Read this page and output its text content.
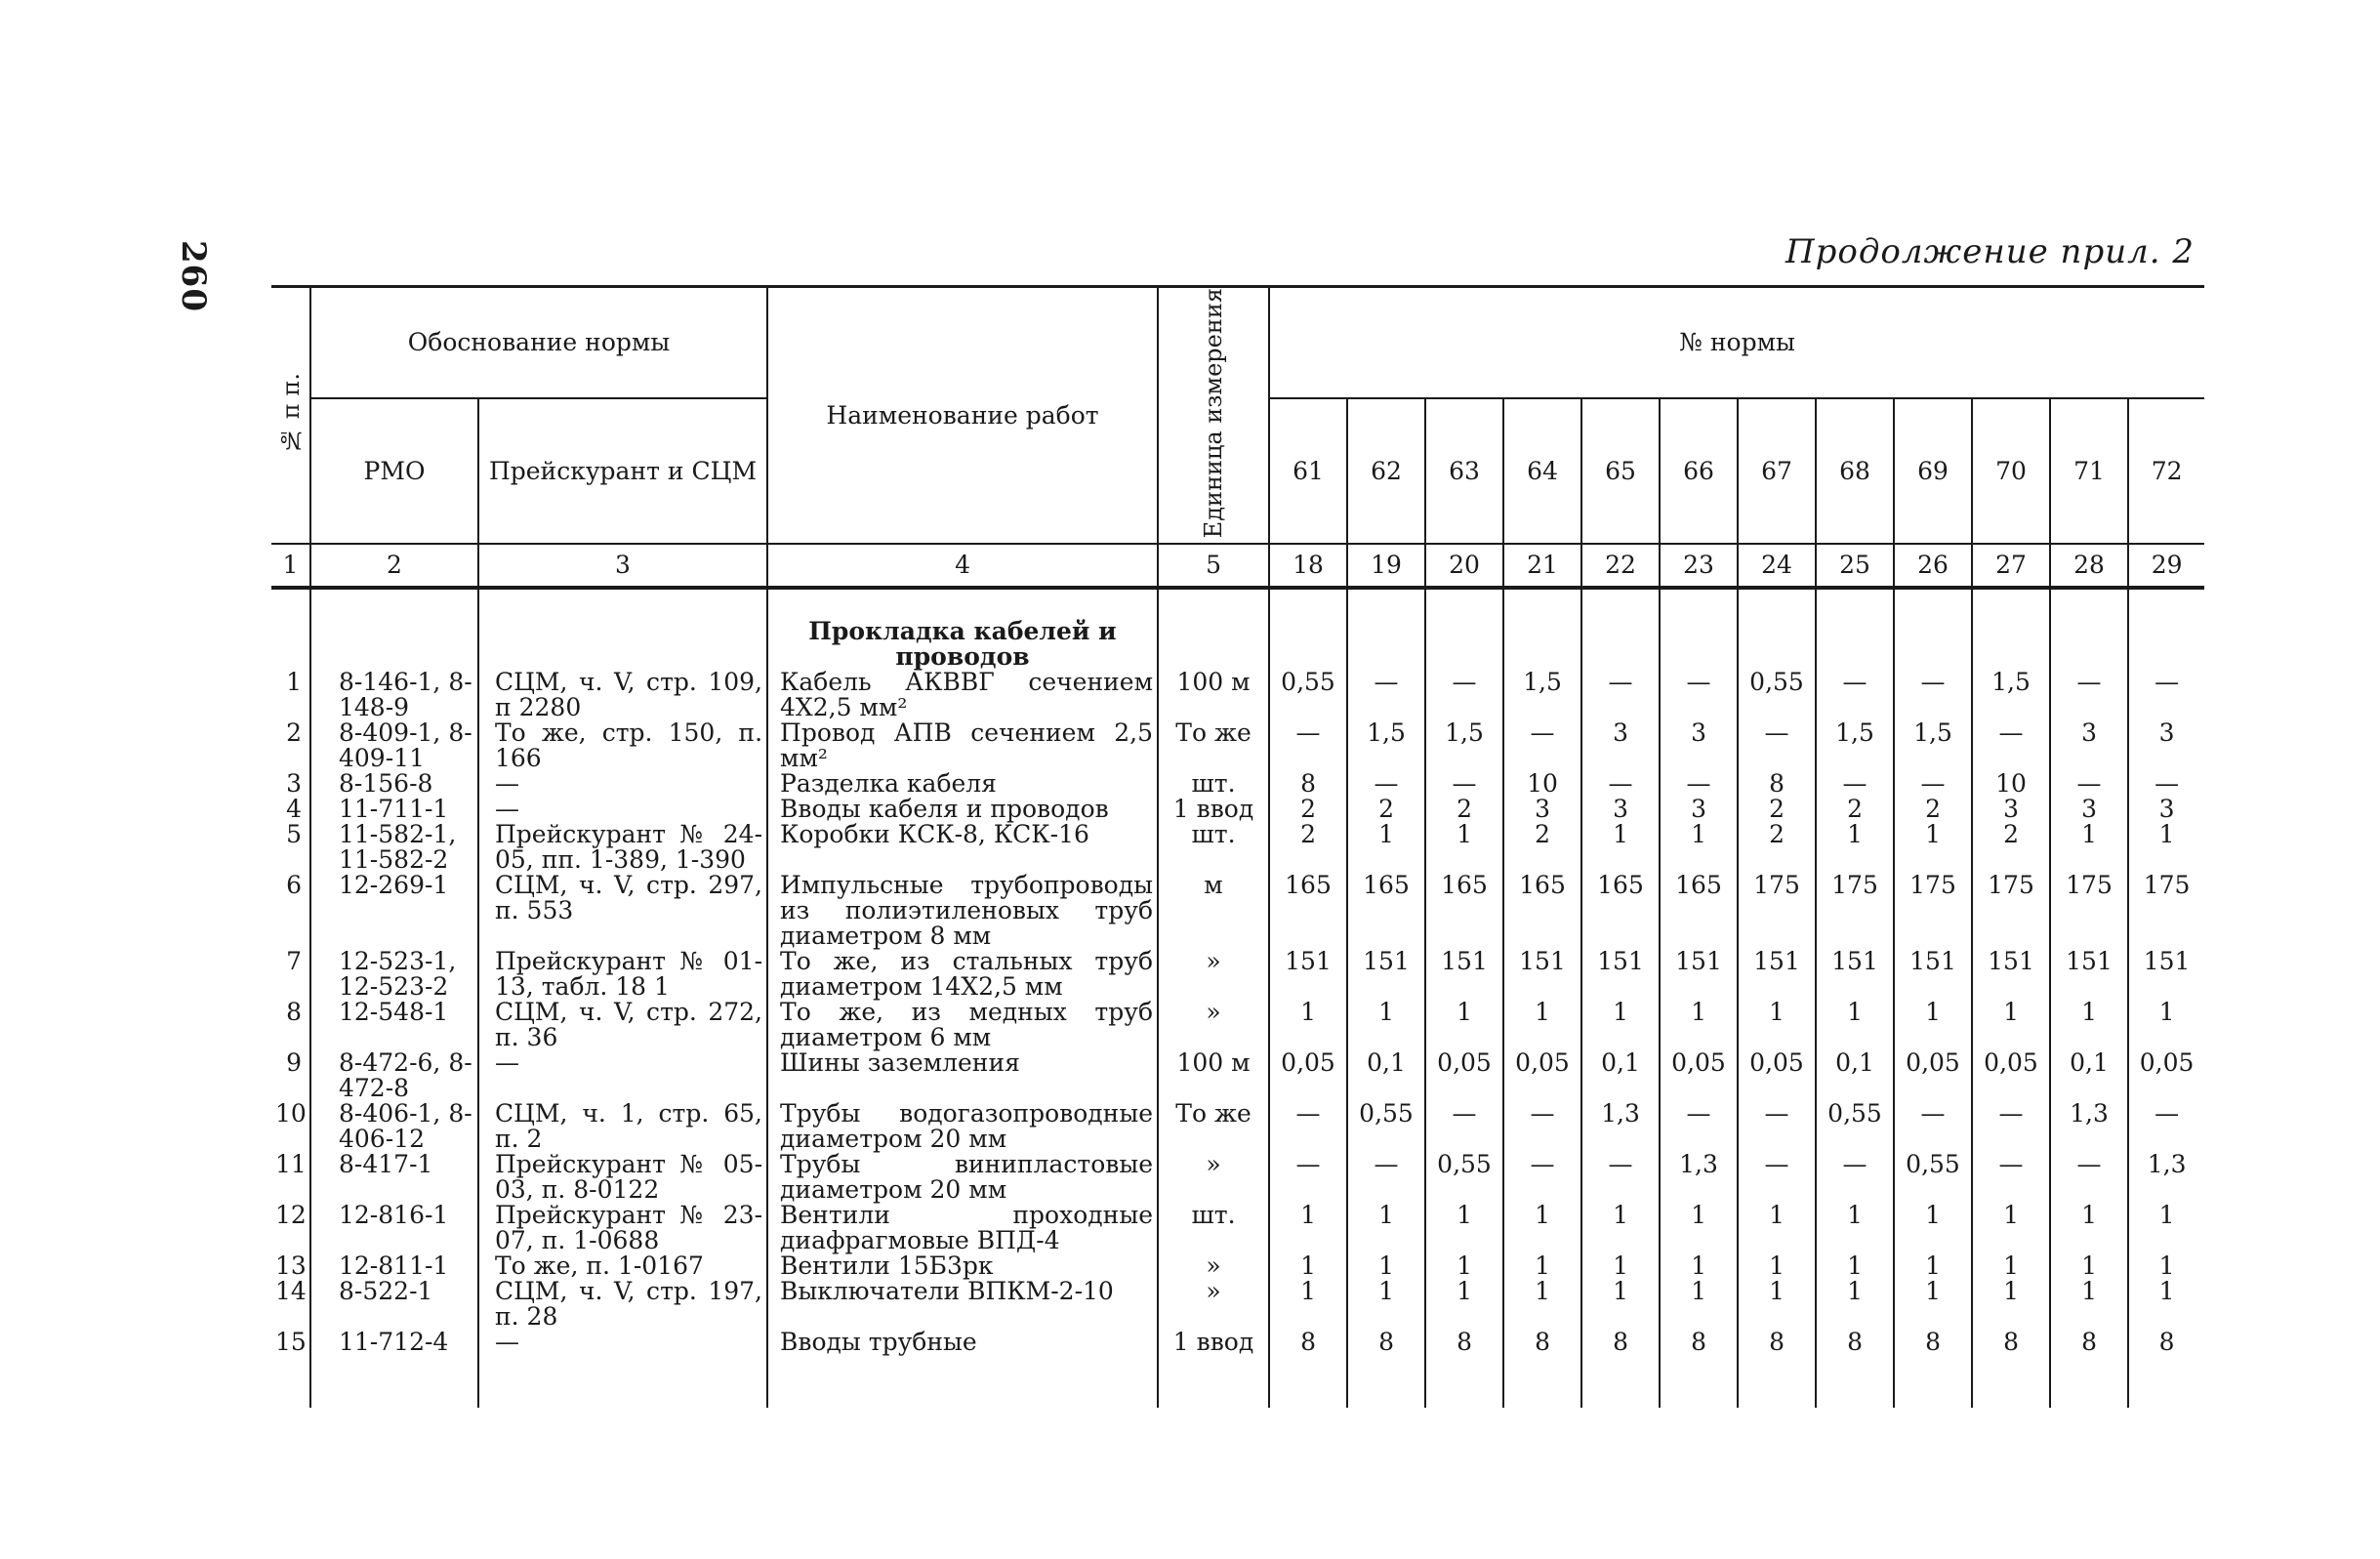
260	Продолжение прил. 2
№ п п.	Обоснование нормы		Наименование работ	Единица измерения	№ нормы											
	РМО	Прейскурант и СЦМ			61	62	63	64	65	66	67	68	69	70	71	72
1	2	3	4	5	18	19	20	21	22	23	24	25	26	27	28	29

			Прокладка кабелей и проводов													
1	8-146-1, 8-148-9	СЦМ, ч. V, стр. 109, п 2280	Кабель АКВВГ сечением 4Х2,5 мм²	100 м	0,55	—	—	1,5	—	—	0,55	—	—	1,5	—	—
2	8-409-1, 8-409-11	То же, стр. 150, п. 166	Провод АПВ сечением 2,5 мм²	То же	—	1,5	1,5	—	3	3	—	1,5	1,5	—	3	3
3	8-156-8	—	Разделка кабеля	шт.	8	—	—	10	—	—	8	—	—	10	—	—
4	11-711-1	—	Вводы кабеля и проводов	1 ввод	2	2	2	3	3	3	2	2	2	3	3	3
5	11-582-1, 11-582-2	Прейскурант № 24-05, пп. 1-389, 1-390	Коробки КСК-8, КСК-16	шт.	2	1	1	2	1	1	2	1	1	2	1	1
6	12-269-1	СЦМ, ч. V, стр. 297, п. 553	Импульсные трубопроводы из полиэтиленовых труб диаметром 8 мм	м	165	165	165	165	165	165	175	175	175	175	175	175
7	12-523-1, 12-523-2	Прейскурант № 01-13, табл. 18 1	То же, из стальных труб диаметром 14Х2,5 мм	»	151	151	151	151	151	151	151	151	151	151	151	151
8	12-548-1	СЦМ, ч. V, стр. 272, п. 36	То же, из медных труб диаметром 6 мм	»	1	1	1	1	1	1	1	1	1	1	1	1
9	8-472-6, 8-472-8	—	Шины заземления	100 м	0,05	0,1	0,05	0,05	0,1	0,05	0,05	0,1	0,05	0,05	0,1	0,05
10	8-406-1, 8-406-12	СЦМ, ч. 1, стр. 65, п. 2	Трубы водогазопроводные диаметром 20 мм	То же	—	0,55	—	—	1,3	—	—	0,55	—	—	1,3	—
11	8-417-1	Прейскурант № 05-03, п. 8-0122	Трубы винипластовые диаметром 20 мм	»	—	—	0,55	—	—	1,3	—	—	0,55	—	—	1,3
12	12-816-1	Прейскурант № 23-07, п. 1-0688	Вентили проходные диафрагмовые ВПД-4	шт.	1	1	1	1	1	1	1	1	1	1	1	1
13	12-811-1	То же, п. 1-0167	Вентили 15Б3рк	»	1	1	1	1	1	1	1	1	1	1	1	1
14	8-522-1	СЦМ, ч. V, стр. 197, п. 28	Выключатели ВПКМ-2-10	»	1	1	1	1	1	1	1	1	1	1	1	1
15	11-712-4	—	Вводы трубные	1 ввод	8	8	8	8	8	8	8	8	8	8	8	8
